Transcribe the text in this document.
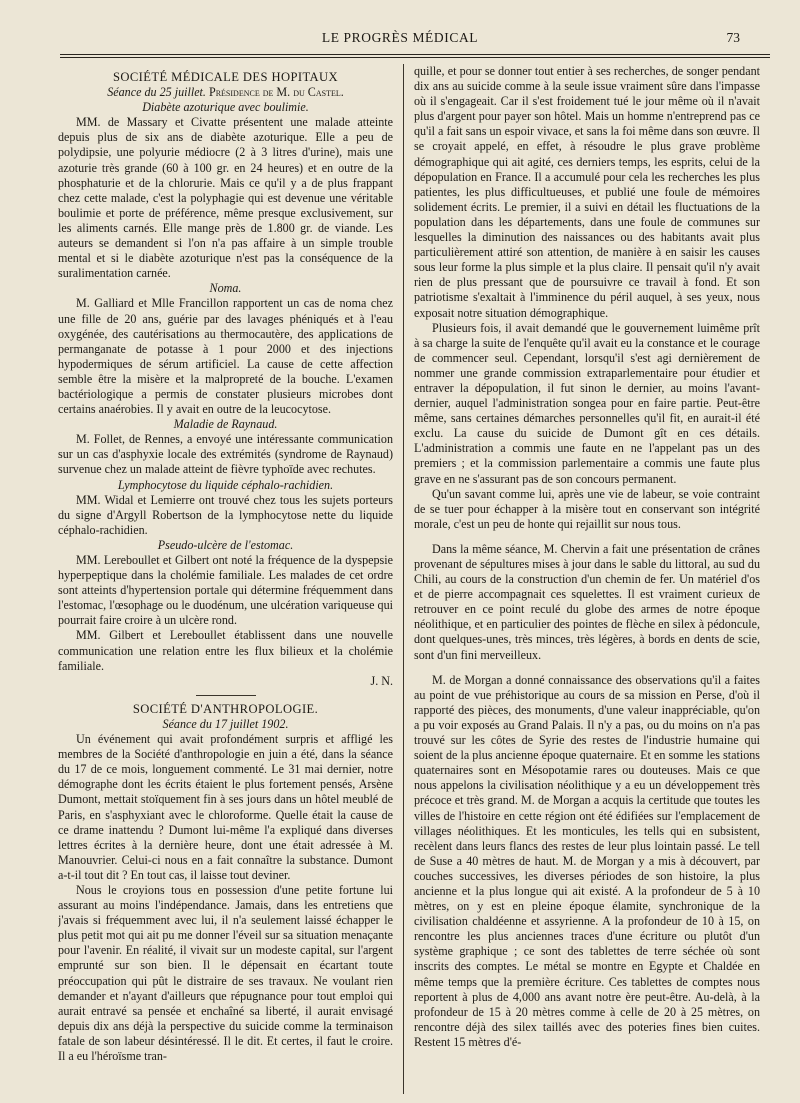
LE PROGRÈS MÉDICAL	73
SOCIÉTÉ MÉDICALE DES HOPITAUX
Séance du 25 juillet. Présidence de M. du Castel.
Diabète azoturique avec boulimie.

MM. de Massary et Civatte présentent une malade atteinte depuis plus de six ans de diabète azoturique. Elle a peu de polydipsie, une polyurie médiocre (2 à 3 litres d'urine), mais une azoturie très grande (60 à 100 gr. en 24 heures) et en outre de la phosphaturie et de la chlorurie. Mais ce qu'il y a de plus frappant chez cette malade, c'est la polyphagie qui est devenue une véritable boulimie et porte de préférence, même presque exclusivement, sur les aliments carnés. Elle mange près de 1.800 gr. de viande. Les auteurs se demandent si l'on n'a pas affaire à un simple trouble mental et si le diabète azoturique n'est pas la conséquence de la suralimentation carnée.

Noma.

M. Galliard et Mlle Francillon rapportent un cas de noma chez une fille de 20 ans, guérie par des lavages phéniqués et à l'eau oxygénée, des cautérisations au thermocautère, des applications de permanganate de potasse à 1 pour 2000 et des injections hypodermiques de sérum artificiel. La cause de cette affection semble être la misère et la malpropreté de la bouche. L'examen bactériologique a permis de constater plusieurs microbes dont certains anaérobies. Il y avait en outre de la leucocytose.

Maladie de Raynaud.

M. Follet, de Rennes, a envoyé une intéressante communication sur un cas d'asphyxie locale des extrémités (syndrome de Raynaud) survenue chez un malade atteint de fièvre typhoïde avec rechutes.

Lymphocytose du liquide céphalo-rachidien.

MM. Widal et Lemierre ont trouvé chez tous les sujets porteurs du signe d'Argyll Robertson de la lymphocytose nette du liquide céphalo-rachidien.

Pseudo-ulcère de l'estomac.

MM. Lereboullet et Gilbert ont noté la fréquence de la dyspepsie hyperpeptique dans la cholémie familiale. Les malades de cet ordre sont atteints d'hypertension portale qui détermine fréquemment dans l'estomac, l'œsophage ou le duodénum, une ulcération variqueuse qui pourrait faire croire à un ulcère rond.

MM. Gilbert et Lereboullet établissent dans une nouvelle communication une relation entre les flux bilieux et la cholémie familiale.

J. N.
SOCIÉTÉ D'ANTHROPOLOGIE.
Séance du 17 juillet 1902.

Un événement qui avait profondément surpris et affligé les membres de la Société d'anthropologie en juin a été, dans la séance du 17 de ce mois, longuement commenté. Le 31 mai dernier, notre démographe dont les écrits étaient le plus fortement pensés, Arsène Dumont, mettait stoïquement fin à ses jours dans un hôtel meublé de Paris, en s'asphyxiant avec le chloroforme. Quelle était la cause de ce drame inattendu ? Dumont lui-même l'a expliqué dans diverses lettres écrites à la dernière heure, dont une était adressée à M. Manouvrier. Celui-ci nous en a fait connaître la substance. Dumont a-t-il tout dit ? En tout cas, il laisse tout deviner.

Nous le croyions tous en possession d'une petite fortune lui assurant au moins l'indépendance. Jamais, dans les entretiens que j'avais si fréquemment avec lui, il n'a seulement laissé échapper le plus petit mot qui ait pu me donner l'éveil sur sa situation menaçante pour l'avenir. En réalité, il vivait sur un modeste capital, sur l'argent emprunté sur son bien. Il le dépensait en écartant toute préoccupation qui pût le distraire de ses travaux. Ne voulant rien demander et n'ayant d'ailleurs que répugnance pour tout emploi qui aurait entravé sa pensée et enchaîné sa liberté, il aurait envisagé depuis dix ans déjà la perspective du suicide comme la terminaison fatale de son labeur désintéressé. Il le dit. Et certes, il faut le croire. Il a eu l'héroïsme tran-

quille, et pour se donner tout entier à ses recherches, de songer pendant dix ans au suicide comme à la seule issue vraiment sûre dans l'impasse où il s'engageait. Car il s'est froidement tué le jour même où il n'avait plus d'argent pour payer son hôtel. Mais un homme n'entreprend pas ce qu'il a fait sans un espoir vivace, et sans la foi même dans son œuvre. Il se croyait appelé, en effet, à résoudre le plus grave problème démographique qui ait agité, ces derniers temps, les esprits, celui de la dépopulation en France. Il a accumulé pour cela les recherches les plus patientes, les plus difficultueuses, et publié une foule de mémoires solidement écrits. Le premier, il a suivi en détail les fluctuations de la population dans les départements, dans une foule de communes sur lesquelles la diminution des naissances ou des habitants avait plus particulièrement attiré son attention, de manière à en saisir les causes sous leur forme la plus simple et la plus claire. Il pensait qu'il n'y avait rien de plus pressant que de poursuivre ce travail à fond. Et son patriotisme s'exaltait à l'imminence du péril auquel, à ses yeux, nous exposait notre situation démographique.

Plusieurs fois, il avait demandé que le gouvernement luimême prît à sa charge la suite de l'enquête qu'il avait eu la constance et le courage de commencer seul. Cependant, lorsqu'il s'est agi dernièrement de nommer une grande commission extraparlementaire pour étudier et entraver la dépopulation, il fut sinon le dernier, au moins l'avant-dernier, auquel l'administration songea pour en faire partie. Peut-être même, sans certaines démarches personnelles qu'il fit, en aurait-il été exclu. La cause du suicide de Dumont gît en ces détails. L'administration a commis une faute en ne l'appelant pas un des premiers ; et la commission parlementaire a commis une faute plus grave en ne s'assurant pas de son concours permanent.

Qu'un savant comme lui, après une vie de labeur, se voie contraint de se tuer pour échapper à la misère tout en conservant son intégrité morale, c'est un peu de honte qui rejaillit sur nous tous.

Dans la même séance, M. Chervin a fait une présentation de crânes provenant de sépultures mises à jour dans le sable du littoral, au sud du Chili, au cours de la construction d'un chemin de fer. Un matériel d'os et de pierre accompagnait ces squelettes. Il est vraiment curieux de retrouver en ce point reculé du globe des armes de notre époque néolithique, et en particulier des pointes de flèche en silex à pédoncule, dont quelques-unes, très minces, très légères, à bords en dents de scie, sont d'un fini merveilleux.

M. de Morgan a donné connaissance des observations qu'il a faites au point de vue préhistorique au cours de sa mission en Perse, d'où il rapporté des pièces, des monuments, d'une valeur inappréciable, qu'on a pu voir exposés au Grand Palais. Il n'y a pas, ou du moins on n'a pas trouvé sur les côtes de Syrie des restes de l'industrie humaine qui soient de la plus ancienne époque quaternaire. Et en somme les stations quaternaires sont en Mésopotamie rares ou douteuses. Mais ce que nous appelons la civilisation néolithique y a eu un développement très précoce et très grand. M. de Morgan a acquis la certitude que toutes les villes de l'histoire en cette région ont été édifiées sur l'emplacement de villages néolithiques. Et les monticules, les tells qui en subsistent, recèlent dans leurs flancs des restes de leur plus lointain passé. Le tell de Suse a 40 mètres de haut. M. de Morgan y a mis à découvert, par couches successives, les diverses périodes de son histoire, la plus ancienne et la plus longue qui ait existé. A la profondeur de 5 à 10 mètres, on y est en pleine époque élamite, synchronique de la civilisation chaldéenne et assyrienne. A la profondeur de 10 à 15, on rencontre les plus anciennes traces d'une écriture ou plutôt d'un système graphique ; ce sont des tablettes de terre séchée où sont inscrits des comptes. Le métal se montre en Egypte et Chaldée en même temps que la première écriture. Ces tablettes de comptes nous reportent à plus de 4,000 ans avant notre ère peut-être. Au-delà, à la profondeur de 15 à 20 mètres comme à celle de 20 à 25 mètres, on rencontre déjà des silex taillés avec des poteries fines bien cuites. Restent 15 mètres d'é-
